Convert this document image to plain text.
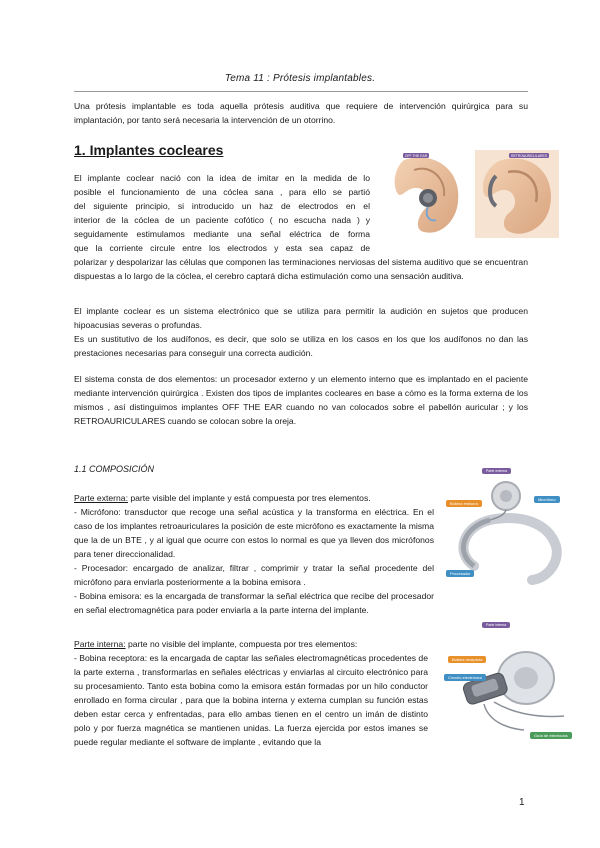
Tema 11 : Prótesis implantables.

Una prótesis implantable es toda aquella prótesis auditiva que requiere de intervención quirúrgica para su implantación, por tanto será necesaria la intervención de un otorrino.

1. Implantes cocleares	OFF THE EAR	RETROAURICULARES

El implante coclear nació con la idea de imitar en la medida de lo

posible el funcionamiento de una cóclea sana , para ello se partió

del siguiente principio, si introducido un haz de electrodos en el

interior de la cóclea de un paciente cofótico ( no escucha nada ) y

seguidamente estimulamos mediante una señal eléctrica de forma

que la corriente circule entre los electrodos y esta sea capaz de

polarizar y despolarizar las células que componen las terminaciones nerviosas del sistema auditivo que se encuentran dispuestas a lo largo de la cóclea, el cerebro captará dicha estimulación como una sensación auditiva.

El implante coclear es un sistema electrónico que se utiliza para permitir la audición en sujetos que producen hipoacusias severas o profundas.

Es un sustitutivo de los audífonos, es decir, que solo se utiliza en los casos en los que los audífonos no dan las prestaciones necesarias para conseguir una correcta audición.

El sistema consta de dos elementos: un procesador externo y un elemento interno que es implantado en el paciente mediante intervención quirúrgica . Existen dos tipos de implantes cocleares en base a cómo es la forma externa de los mismos , así distinguimos implantes OFF THE EAR cuando no van colocados sobre el pabellón auricular ; y los RETROAURICULARES cuando se colocan sobre la oreja.

1.1 COMPOSICIÓN

Parte externa: parte visible del implante y está compuesta por tres elementos.

- Micrófono: transductor que recoge una señal acústica y la transforma en eléctrica. En el caso de los implantes retroauriculares la posición de este micrófono es exactamente la misma que la de un BTE , y al igual que ocurre con estos lo normal es que ya lleven dos micrófonos para tener direccionalidad.

- Procesador: encargado de analizar, filtrar , comprimir y tratar la señal procedente del micrófono para enviarla posteriormente a la bobina emisora .

- Bobina emisora: es la encargada de transformar la señal eléctrica que recibe del procesador en señal electromagnética para poder enviarla a la parte interna del implante.

Parte interna: parte no visible del implante, compuesta por tres elementos:

- Bobina receptora: es la encargada de captar las señales electromagnéticas procedentes de la parte externa , transformarlas en señales eléctricas y enviarlas al circuito electrónico para su procesamiento. Tanto esta bobina como la emisora están formadas por un hilo conductor enrollado en forma circular , para que la bobina interna y externa cumplan su función estas deben estar cerca y enfrentadas, para ello ambas tienen en el centro un imán de distinto polo y por fuerza magnética se mantienen unidas. La fuerza ejercida por estos imanes se puede regular mediante el software de implante , evitando que la

Parte externa
Bobina emisora
Micrófono
Procesador
Parte interna
Bobina receptora
Circuito electrónico
Guía de electrodos
1
